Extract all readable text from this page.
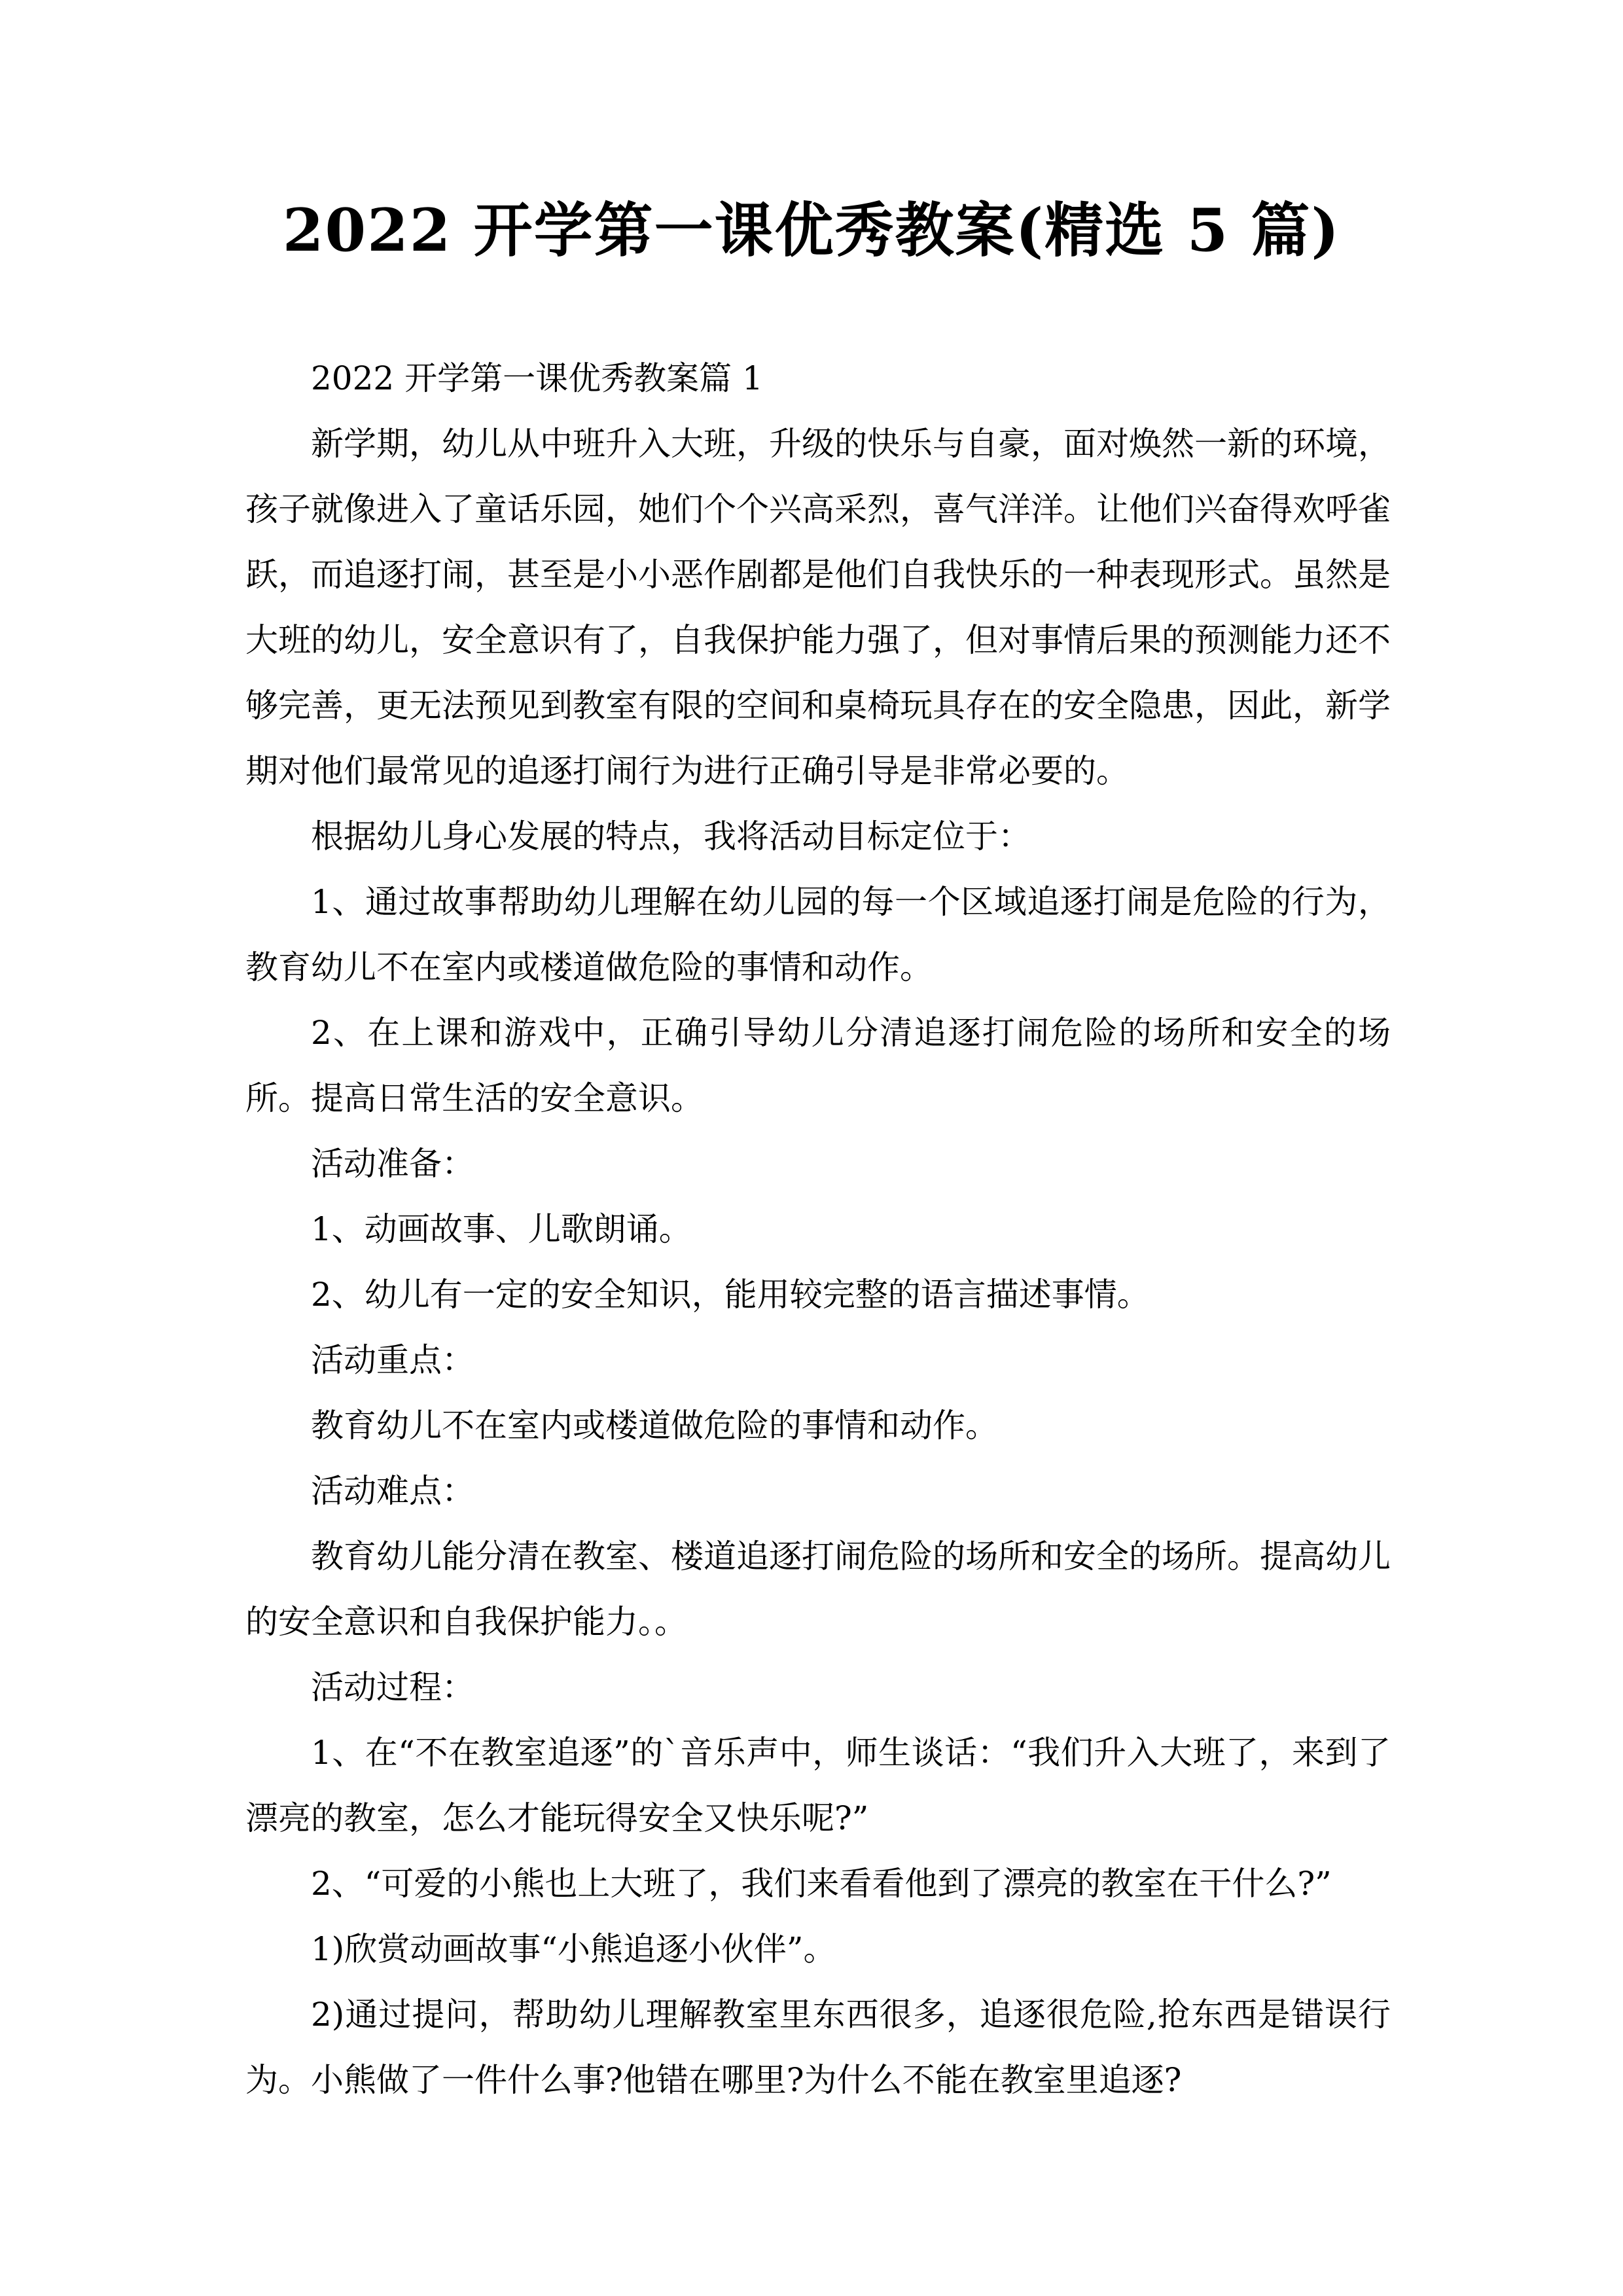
2022 开学第一课优秀教案(精选 5 篇)

2022 开学第一课优秀教案篇 1

新学期，幼儿从中班升入大班，升级的快乐与自豪，面对焕然一新的环境，孩子就像进入了童话乐园，她们个个兴高采烈，喜气洋洋。让他们兴奋得欢呼雀跃，而追逐打闹，甚至是小小恶作剧都是他们自我快乐的一种表现形式。虽然是大班的幼儿，安全意识有了，自我保护能力强了，但对事情后果的预测能力还不够完善，更无法预见到教室有限的空间和桌椅玩具存在的安全隐患，因此，新学期对他们最常见的追逐打闹行为进行正确引导是非常必要的。

根据幼儿身心发展的特点，我将活动目标定位于：

1、通过故事帮助幼儿理解在幼儿园的每一个区域追逐打闹是危险的行为，教育幼儿不在室内或楼道做危险的事情和动作。

2、在上课和游戏中，正确引导幼儿分清追逐打闹危险的场所和安全的场所。提高日常生活的安全意识。

活动准备：

1、动画故事、儿歌朗诵。

2、幼儿有一定的安全知识，能用较完整的语言描述事情。

活动重点：

教育幼儿不在室内或楼道做危险的事情和动作。

活动难点：

教育幼儿能分清在教室、楼道追逐打闹危险的场所和安全的场所。提高幼儿的安全意识和自我保护能力。。

活动过程：

1、在“不在教室追逐”的`音乐声中，师生谈话：“我们升入大班了，来到了漂亮的教室，怎么才能玩得安全又快乐呢?”

2、“可爱的小熊也上大班了，我们来看看他到了漂亮的教室在干什么?”

1)欣赏动画故事“小熊追逐小伙伴”。

2)通过提问，帮助幼儿理解教室里东西很多，追逐很危险,抢东西是错误行为。小熊做了一件什么事?他错在哪里?为什么不能在教室里追逐?
